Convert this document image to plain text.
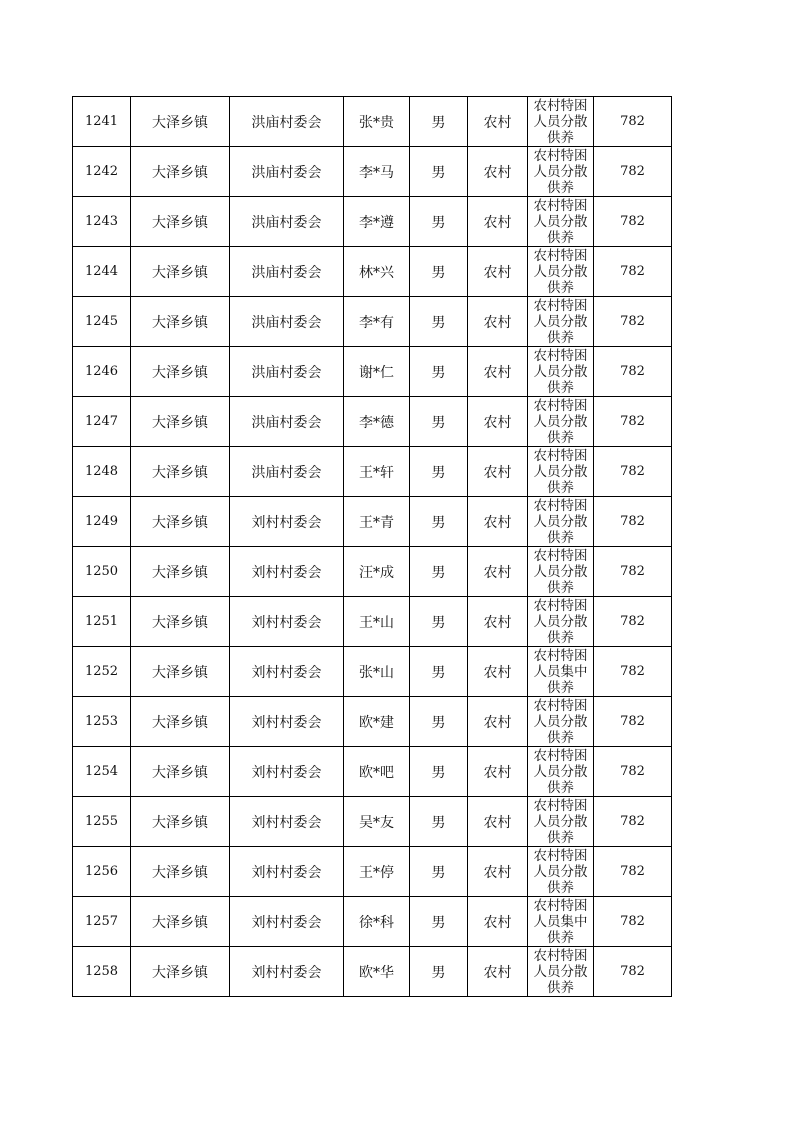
1241	大泽乡镇	洪庙村委会	张*贵	男	农村	农村特困人员分散供养	782
1242	大泽乡镇	洪庙村委会	李*马	男	农村	农村特困人员分散供养	782
1243	大泽乡镇	洪庙村委会	李*遵	男	农村	农村特困人员分散供养	782
1244	大泽乡镇	洪庙村委会	林*兴	男	农村	农村特困人员分散供养	782
1245	大泽乡镇	洪庙村委会	李*有	男	农村	农村特困人员分散供养	782
1246	大泽乡镇	洪庙村委会	谢*仁	男	农村	农村特困人员分散供养	782
1247	大泽乡镇	洪庙村委会	李*德	男	农村	农村特困人员分散供养	782
1248	大泽乡镇	洪庙村委会	王*轩	男	农村	农村特困人员分散供养	782
1249	大泽乡镇	刘村村委会	王*青	男	农村	农村特困人员分散供养	782
1250	大泽乡镇	刘村村委会	汪*成	男	农村	农村特困人员分散供养	782
1251	大泽乡镇	刘村村委会	王*山	男	农村	农村特困人员分散供养	782
1252	大泽乡镇	刘村村委会	张*山	男	农村	农村特困人员集中供养	782
1253	大泽乡镇	刘村村委会	欧*建	男	农村	农村特困人员分散供养	782
1254	大泽乡镇	刘村村委会	欧*吧	男	农村	农村特困人员分散供养	782
1255	大泽乡镇	刘村村委会	吴*友	男	农村	农村特困人员分散供养	782
1256	大泽乡镇	刘村村委会	王*停	男	农村	农村特困人员分散供养	782
1257	大泽乡镇	刘村村委会	徐*科	男	农村	农村特困人员集中供养	782
1258	大泽乡镇	刘村村委会	欧*华	男	农村	农村特困人员分散供养	782
